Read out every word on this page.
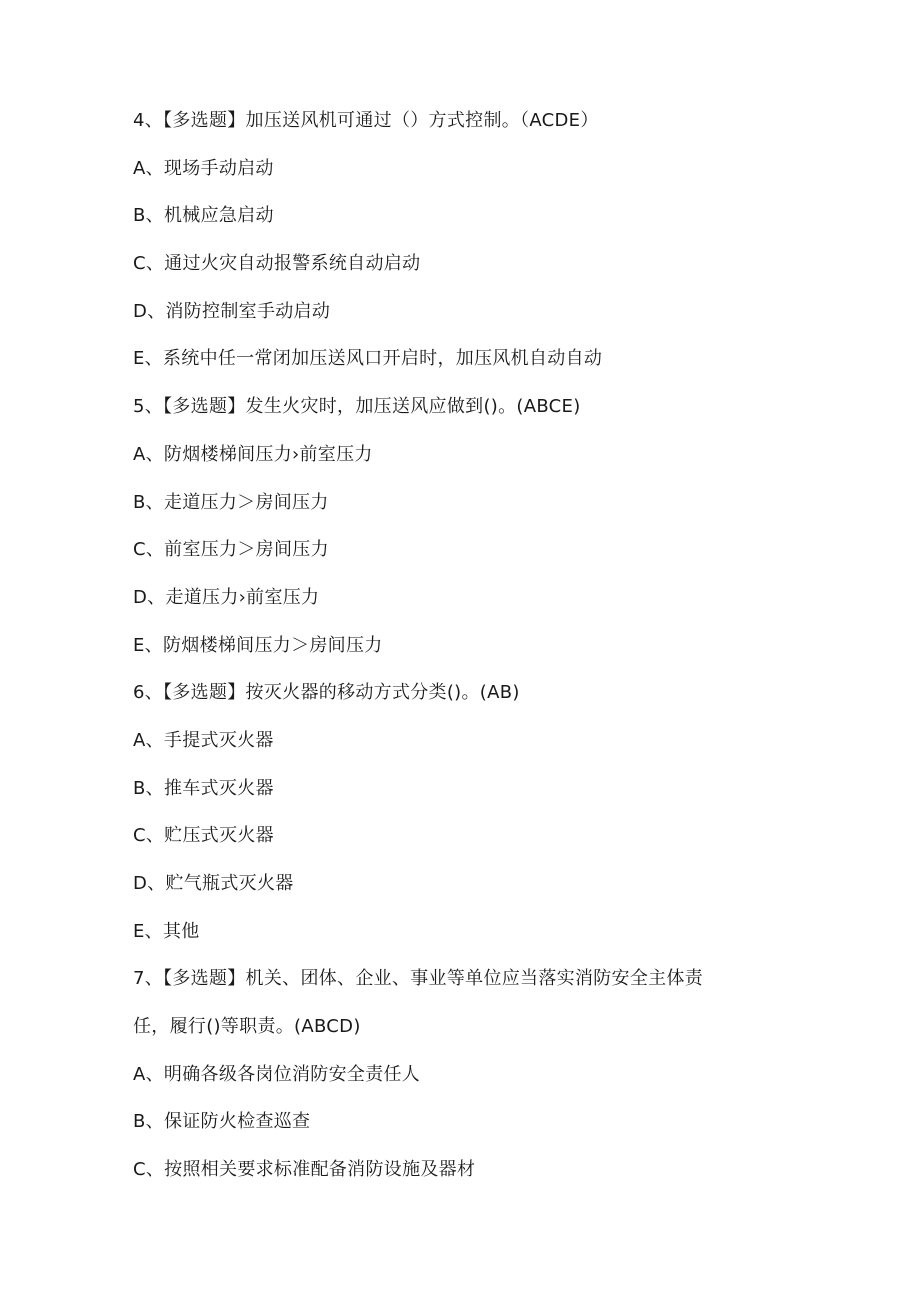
4、【多选题】加压送风机可通过（）方式控制。（ACDE）
A、现场手动启动
B、机械应急启动
C、通过火灾自动报警系统自动启动
D、消防控制室手动启动
E、系统中任一常闭加压送风口开启时，加压风机自动自动
5、【多选题】发生火灾时，加压送风应做到()。(ABCE)
A、防烟楼梯间压力›前室压力
B、走道压力＞房间压力
C、前室压力＞房间压力
D、走道压力›前室压力
E、防烟楼梯间压力＞房间压力
6、【多选题】按灭火器的移动方式分类()。(AB)
A、手提式灭火器
B、推车式灭火器
C、贮压式灭火器
D、贮气瓶式灭火器
E、其他
7、【多选题】机关、团体、企业、事业等单位应当落实消防安全主体责
任，履行()等职责。(ABCD)
A、明确各级各岗位消防安全责任人
B、保证防火检查巡查
C、按照相关要求标准配备消防设施及器材
